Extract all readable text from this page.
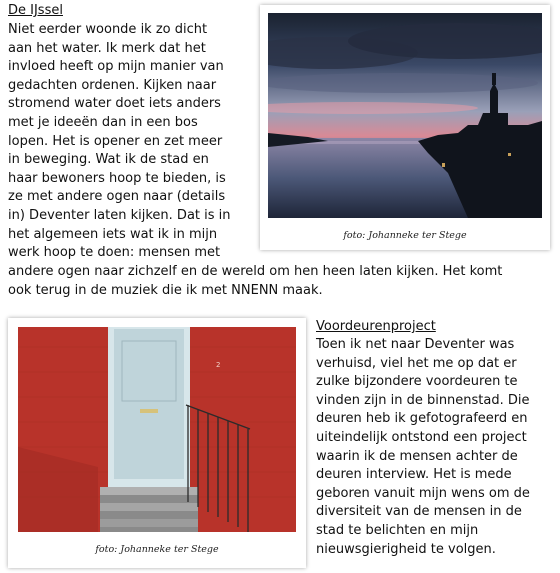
De IJssel
Niet eerder woonde ik zo dicht
aan het water. Ik merk dat het
invloed heeft op mijn manier van
gedachten ordenen. Kijken naar
stromend water doet iets anders
met je ideeën dan in een bos
lopen. Het is opener en zet meer
in beweging. Wat ik de stad en
haar bewoners hoop te bieden, is
ze met andere ogen naar (details
in) Deventer laten kijken. Dat is in
het algemeen iets wat ik in mijn
werk hoop te doen: mensen met
andere ogen naar zichzelf en de wereld om hen heen laten kijken. Het komt
ook terug in de muziek die ik met NNENN maak.
foto: Johanneke ter Stege
2
foto: Johanneke ter Stege
Voordeurenproject
Toen ik net naar Deventer was
verhuisd, viel het me op dat er
zulke bijzondere voordeuren te
vinden zijn in de binnenstad. Die
deuren heb ik gefotografeerd en
uiteindelijk ontstond een project
waarin ik de mensen achter de
deuren interview. Het is mede
geboren vanuit mijn wens om de
diversiteit van de mensen in de
stad te belichten en mijn
nieuwsgierigheid te volgen.
